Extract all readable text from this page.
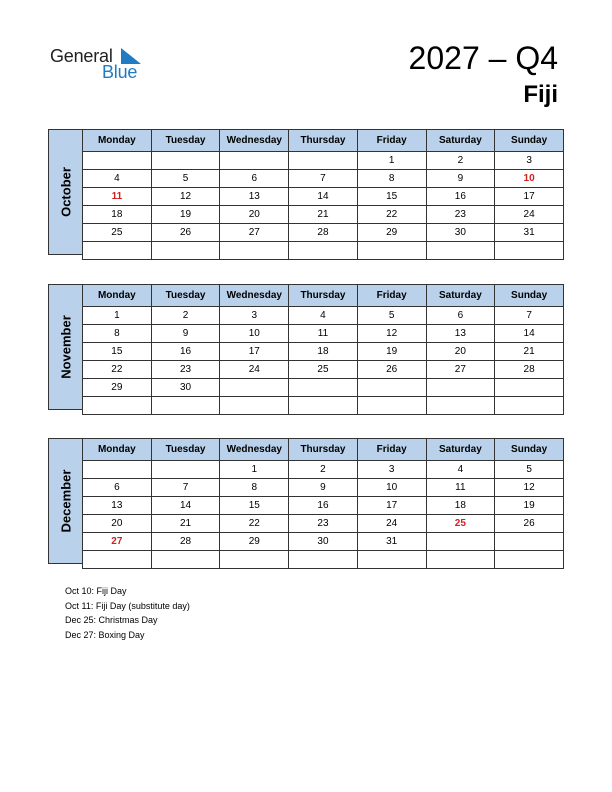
General
Blue	2027 – Q4
Fiji
October
Monday	Tuesday	Wednesday	Thursday	Friday	Saturday	Sunday
				1	2	3
4	5	6	7	8	9	10
11	12	13	14	15	16	17
18	19	20	21	22	23	24
25	26	27	28	29	30	31

November
Monday	Tuesday	Wednesday	Thursday	Friday	Saturday	Sunday
1	2	3	4	5	6	7
8	9	10	11	12	13	14
15	16	17	18	19	20	21
22	23	24	25	26	27	28
29	30					

December
Monday	Tuesday	Wednesday	Thursday	Friday	Saturday	Sunday
		1	2	3	4	5
6	7	8	9	10	11	12
13	14	15	16	17	18	19
20	21	22	23	24	25	26
27	28	29	30	31		

Oct 10: Fiji Day
Oct 11: Fiji Day (substitute day)
Dec 25: Christmas Day
Dec 27: Boxing Day
